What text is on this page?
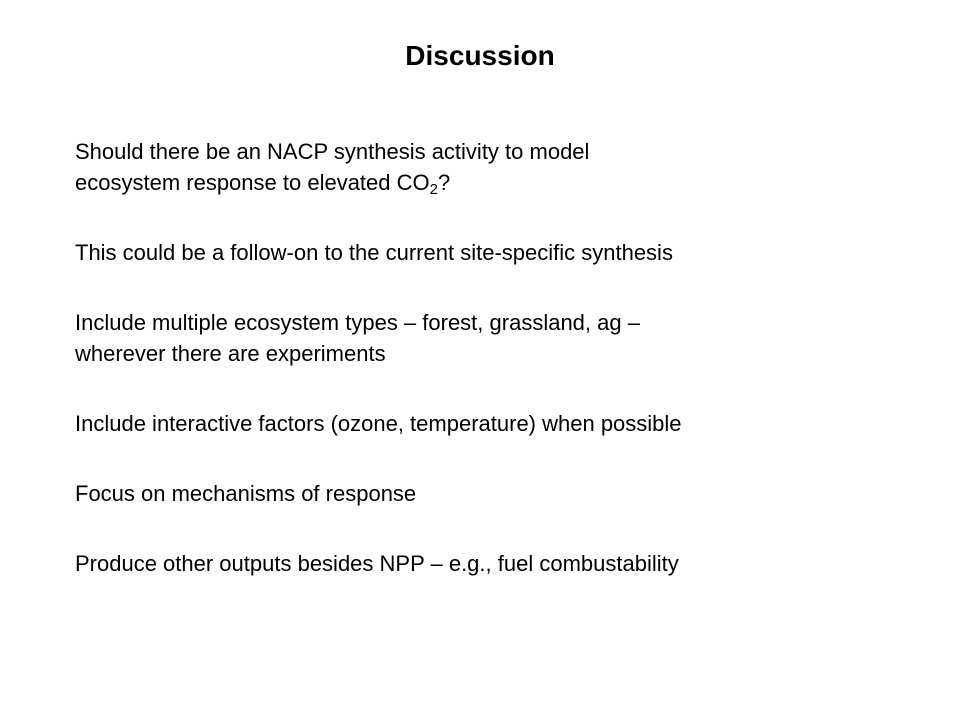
Discussion

Should there be an NACP synthesis activity to model
ecosystem response to elevated $CO_2$?

This could be a follow-on to the current site-specific synthesis

Include multiple ecosystem types – forest, grassland, ag –
wherever there are experiments

Include interactive factors (ozone, temperature) when possible

Focus on mechanisms of response

Produce other outputs besides NPP – e.g., fuel combustability
